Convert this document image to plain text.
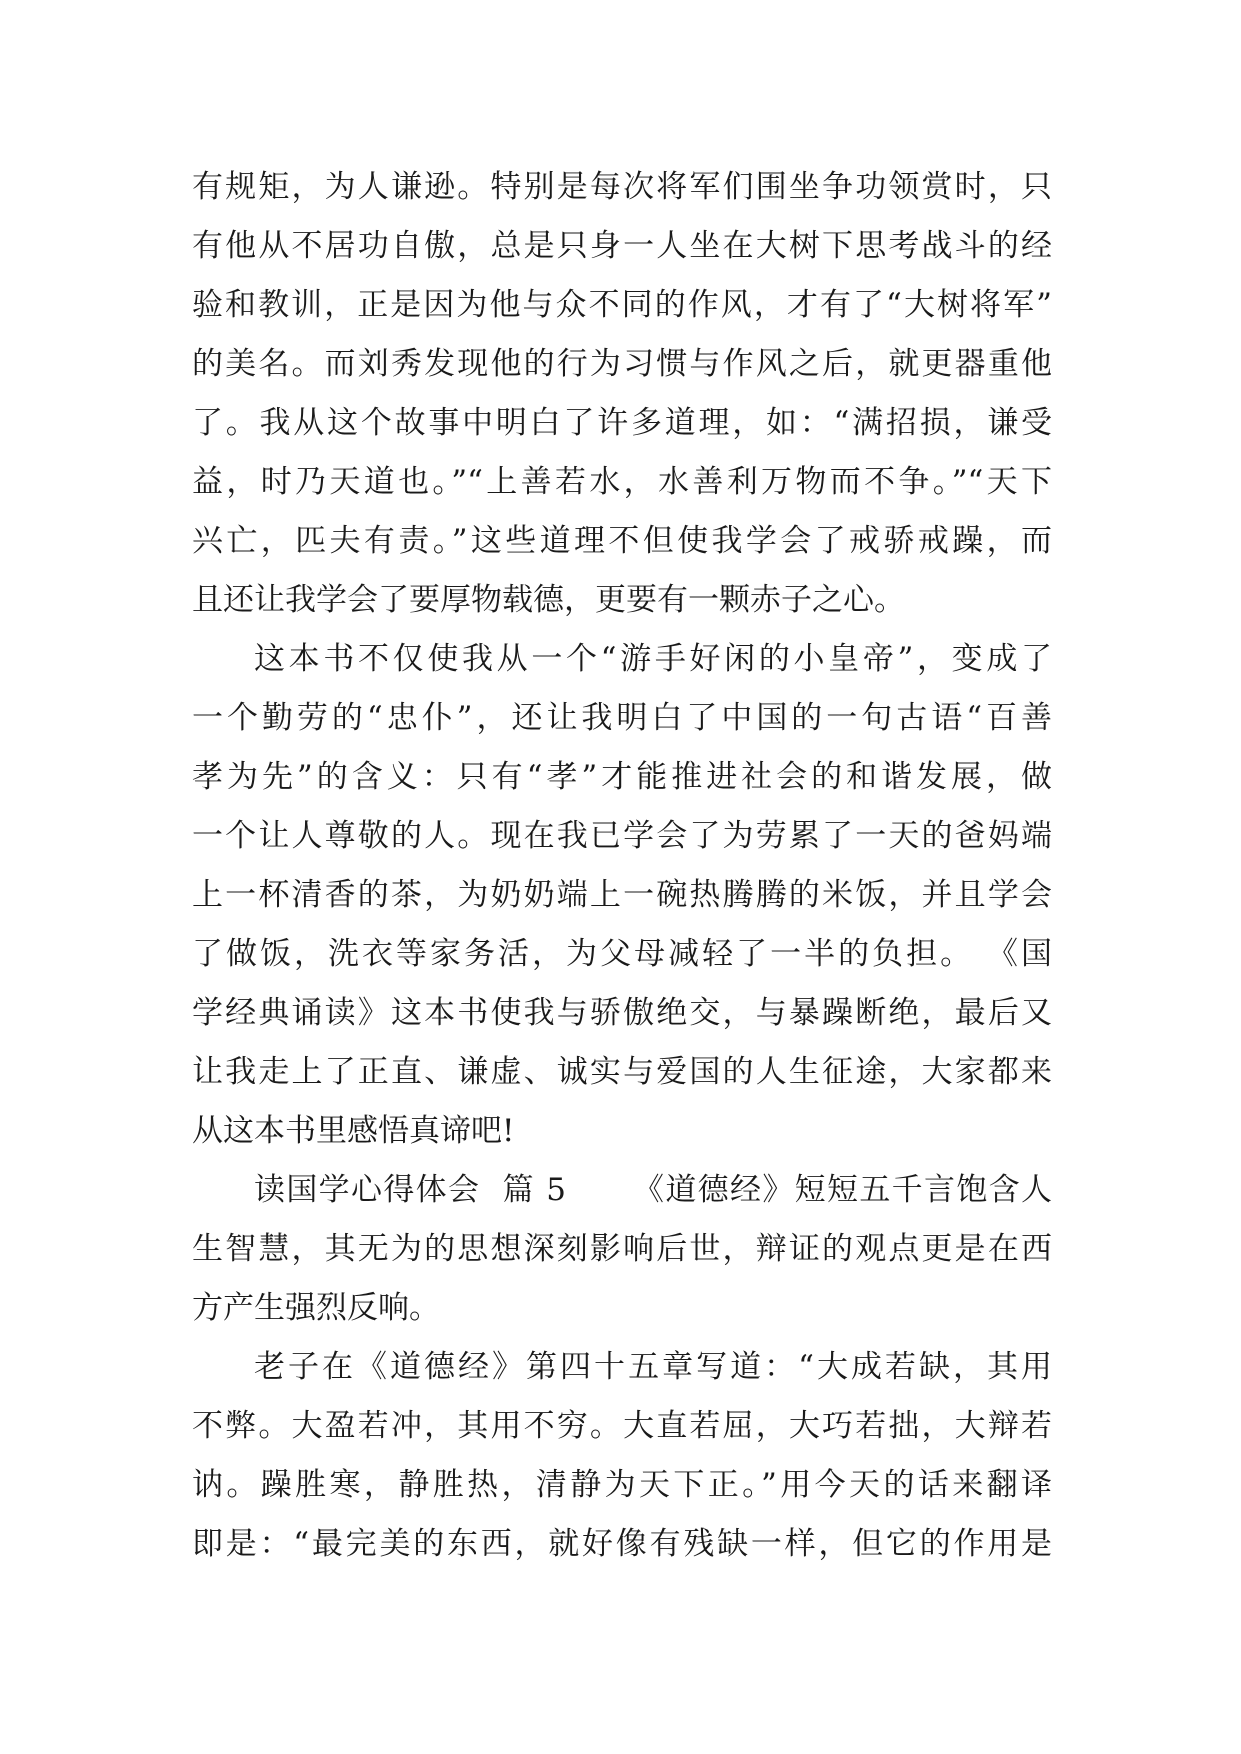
有规矩，为人谦逊。特别是每次将军们围坐争功领赏时，只
有他从不居功自傲，总是只身一人坐在大树下思考战斗的经
验和教训，正是因为他与众不同的作风，才有了“大树将军”
的美名。而刘秀发现他的行为习惯与作风之后，就更器重他
了。我从这个故事中明白了许多道理，如：“满招损，谦受
益，时乃天道也。”“上善若水，水善利万物而不争。”“天下
兴亡，匹夫有责。”这些道理不但使我学会了戒骄戒躁，而
且还让我学会了要厚物载德，更要有一颗赤子之心。
这本书不仅使我从一个“游手好闲的小皇帝”，变成了
一个勤劳的“忠仆”，还让我明白了中国的一句古语“百善
孝为先”的含义：只有“孝”才能推进社会的和谐发展，做
一个让人尊敬的人。现在我已学会了为劳累了一天的爸妈端
上一杯清香的茶，为奶奶端上一碗热腾腾的米饭，并且学会
了做饭，洗衣等家务活，为父母减轻了一半的负担。 《国
学经典诵读》这本书使我与骄傲绝交，与暴躁断绝，最后又
让我走上了正直、谦虚、诚实与爱国的人生征途，大家都来
从这本书里感悟真谛吧!
读国学心得体会  篇 5      《道德经》短短五千言饱含人
生智慧，其无为的思想深刻影响后世，辩证的观点更是在西
方产生强烈反响。
老子在《道德经》第四十五章写道：“大成若缺，其用
不弊。大盈若冲，其用不穷。大直若屈，大巧若拙，大辩若
讷。躁胜寒，静胜热，清静为天下正。”用今天的话来翻译
即是：“最完美的东西，就好像有残缺一样，但它的作用是
